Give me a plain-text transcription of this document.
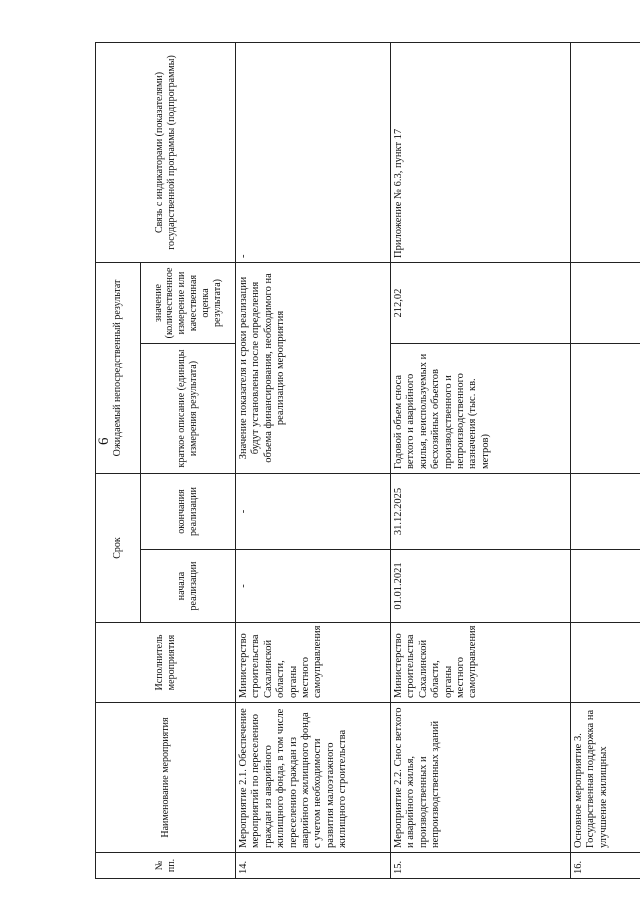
6
№ пп.	Наименование мероприятия	Исполнитель мероприятия	Срок		Ожидаемый непосредственный результат		Связь с индикаторами (показателями) государственной программы (подпрограммы)
			начала реализации	окончания реализации	краткое описание (единицы измерения результата)	значение (количественное измерение или качественная оценка результата)	
14.	Мероприятие 2.1. Обеспечение мероприятий по переселению граждан из аварийного жилищного фонда, в том числе переселению граждан из аварийного жилищного фонда с учетом необходимости развития малоэтажного жилищного строительства	Министерство строительства Сахалинской области, органы местного самоуправления	-	-	Значение показателя и сроки реализации будут установлены после определения объема финансирования, необходимого на реализацию мероприятия		-
15.	Мероприятие 2.2. Снос ветхого и аварийного жилья, производственных и непроизводственных зданий	Министерство строительства Сахалинской области, органы местного самоуправления	01.01.2021	31.12.2025	Годовой объем сноса ветхого и аварийного жилья, неиспользуемых и бесхозяйных объектов производственного и непроизводственного назначения (тыс. кв. метров)	212,02	Приложение № 6.3, пункт 17
16.	Основное мероприятие 3. Государственная поддержка на улучшение жилищных						
